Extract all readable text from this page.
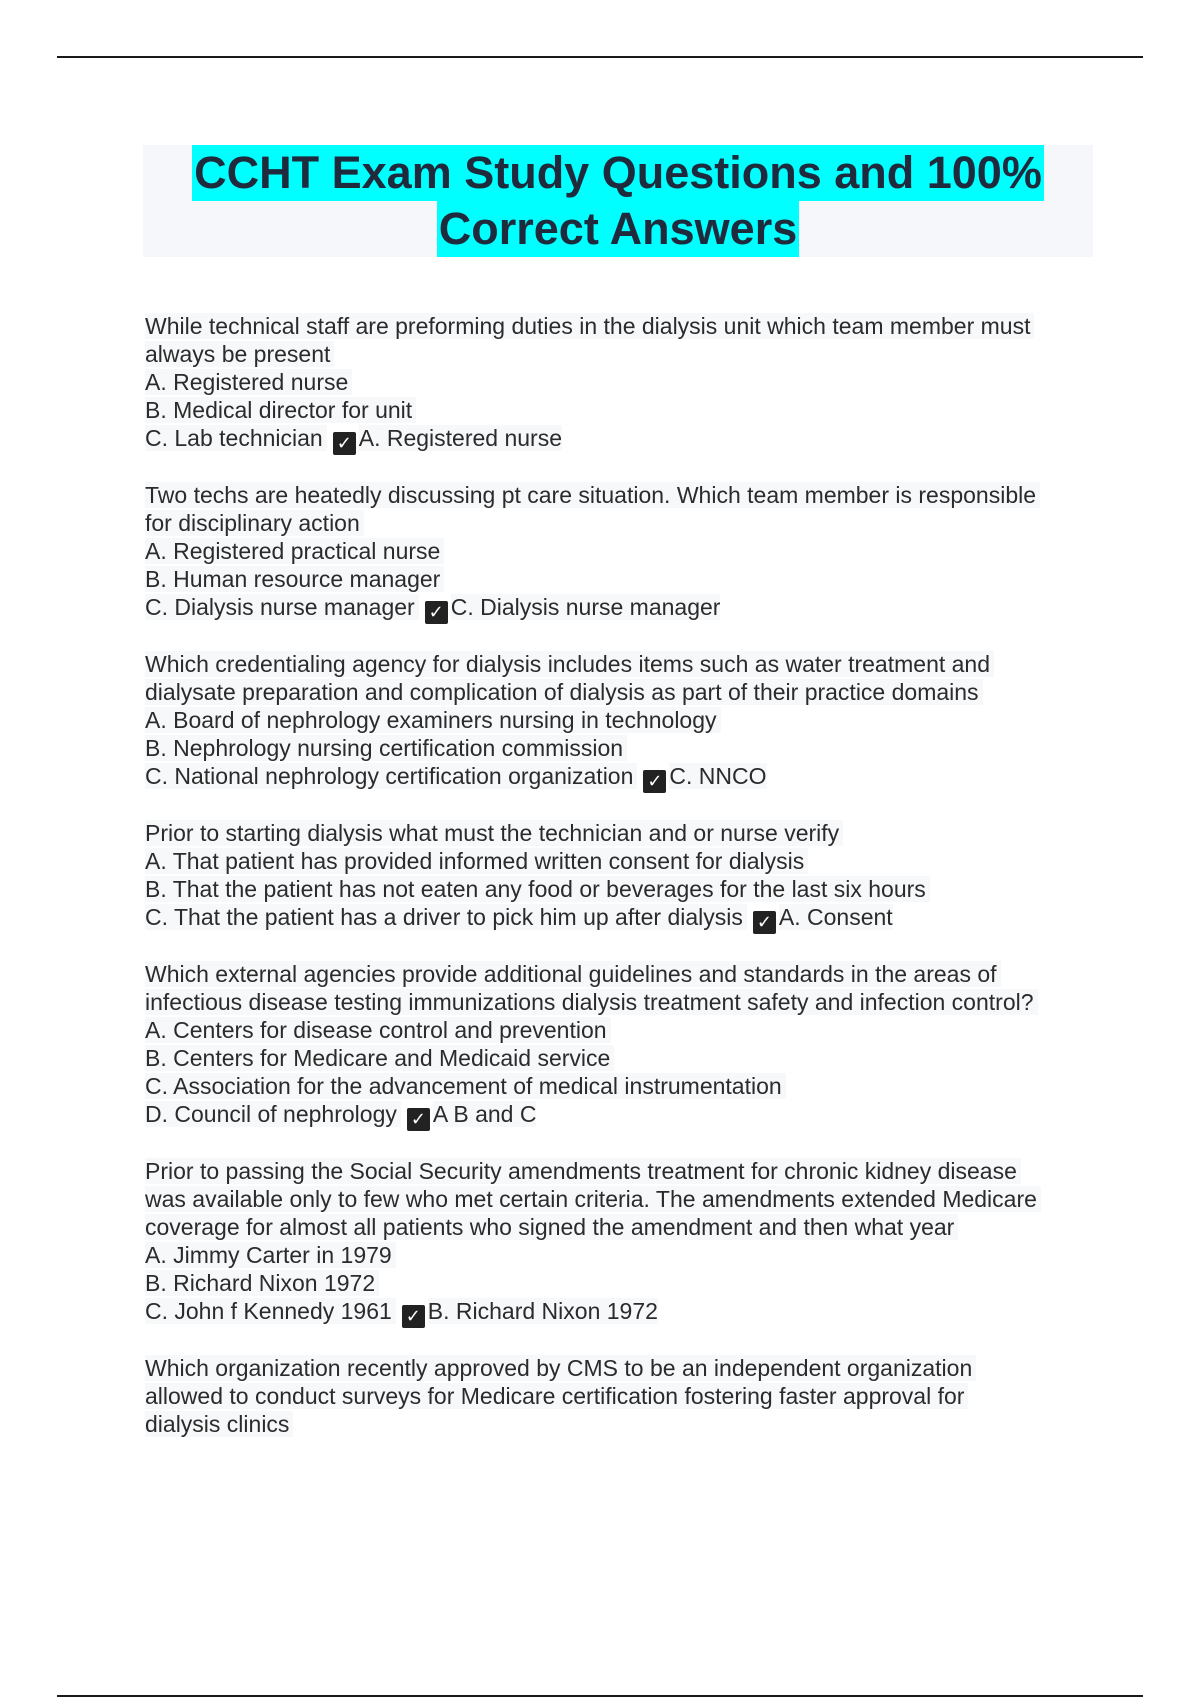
CCHT Exam Study Questions and 100%
Correct Answers
While technical staff are preforming duties in the dialysis unit which team member must
always be present
A. Registered nurse
B. Medical director for unit
C. Lab technician ✓ A. Registered nurse
Two techs are heatedly discussing pt care situation. Which team member is responsible
for disciplinary action
A. Registered practical nurse
B. Human resource manager
C. Dialysis nurse manager ✓ C. Dialysis nurse manager
Which credentialing agency for dialysis includes items such as water treatment and
dialysate preparation and complication of dialysis as part of their practice domains
A. Board of nephrology examiners nursing in technology
B. Nephrology nursing certification commission
C. National nephrology certification organization ✓ C. NNCO
Prior to starting dialysis what must the technician and or nurse verify
A. That patient has provided informed written consent for dialysis
B. That the patient has not eaten any food or beverages for the last six hours
C. That the patient has a driver to pick him up after dialysis ✓ A. Consent
Which external agencies provide additional guidelines and standards in the areas of
infectious disease testing immunizations dialysis treatment safety and infection control?
A. Centers for disease control and prevention
B. Centers for Medicare and Medicaid service
C. Association for the advancement of medical instrumentation
D. Council of nephrology ✓ A B and C
Prior to passing the Social Security amendments treatment for chronic kidney disease
was available only to few who met certain criteria. The amendments extended Medicare
coverage for almost all patients who signed the amendment and then what year
A. Jimmy Carter in 1979
B. Richard Nixon 1972
C. John f Kennedy 1961 ✓ B. Richard Nixon 1972
Which organization recently approved by CMS to be an independent organization
allowed to conduct surveys for Medicare certification fostering faster approval for
dialysis clinics
